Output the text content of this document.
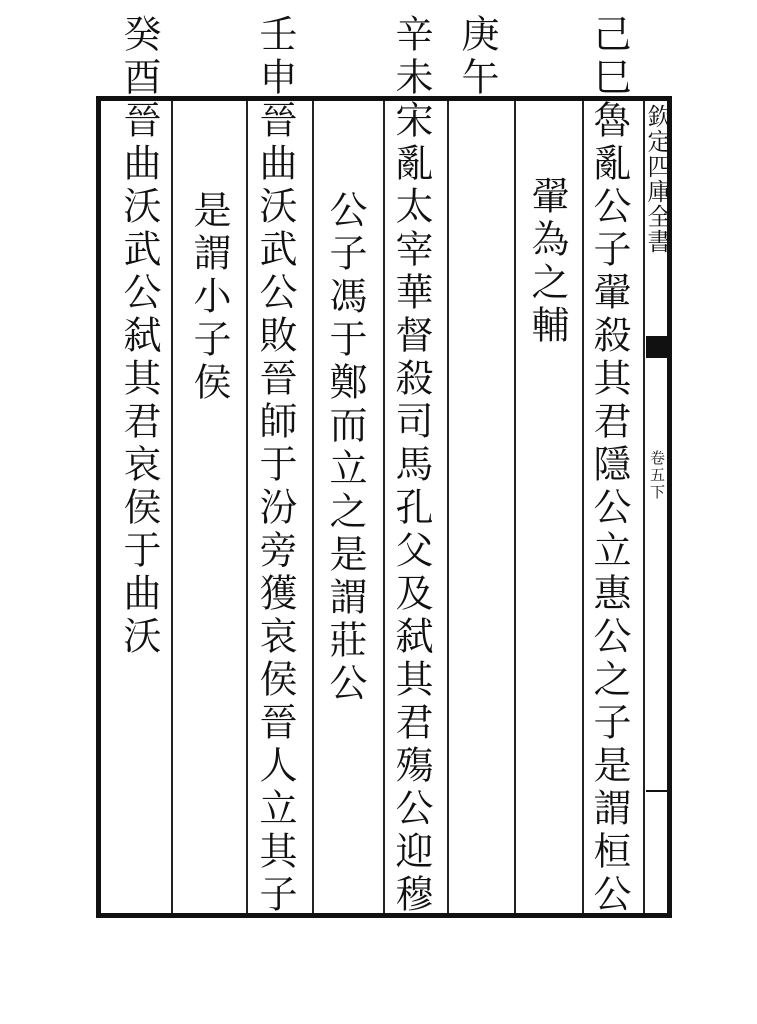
己巳魯亂公子翬殺其君隱公立惠公之子是謂桓公
翬為之輔
庚午
辛未宋亂太宰華督殺司馬孔父及弑其君殤公迎穆
公子馮于鄭而立之是謂莊公
壬申晉曲沃武公敗晉師于汾旁獲哀侯晉人立其子
是謂小子侯
癸酉晉曲沃武公弑其君哀侯于曲沃	欽定四庫全書
卷五下
